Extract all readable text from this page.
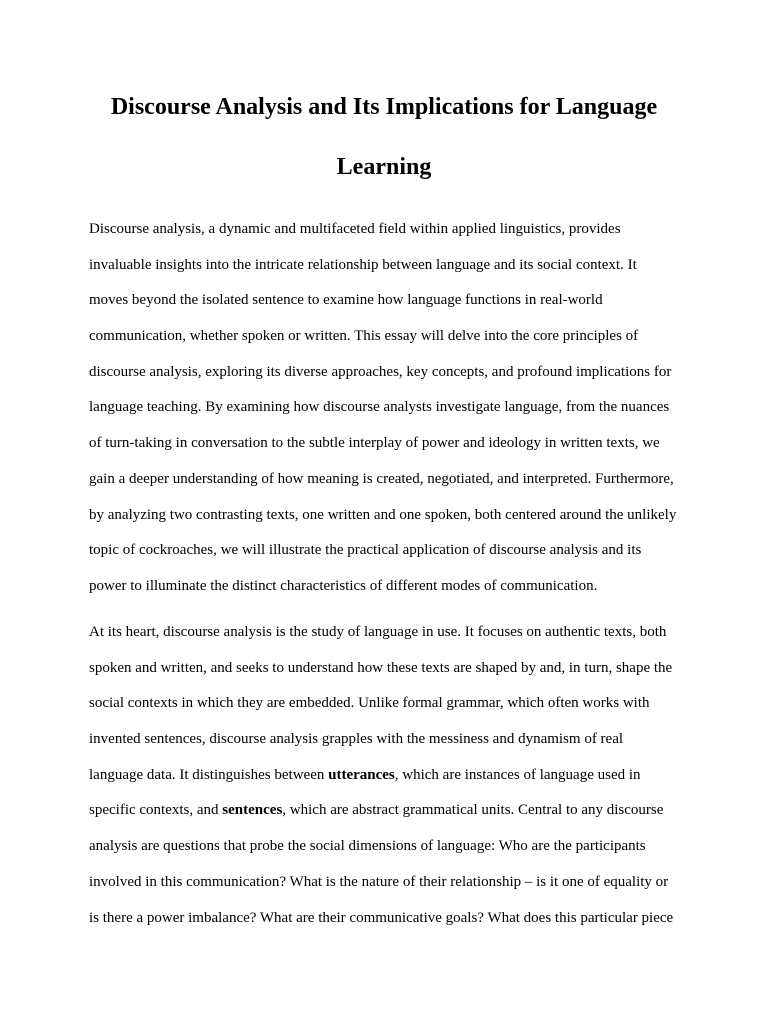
Discourse Analysis and Its Implications for Language
Learning

Discourse analysis, a dynamic and multifaceted field within applied linguistics, provides
invaluable insights into the intricate relationship between language and its social context. It
moves beyond the isolated sentence to examine how language functions in real-world
communication, whether spoken or written. This essay will delve into the core principles of
discourse analysis, exploring its diverse approaches, key concepts, and profound implications for
language teaching. By examining how discourse analysts investigate language, from the nuances
of turn-taking in conversation to the subtle interplay of power and ideology in written texts, we
gain a deeper understanding of how meaning is created, negotiated, and interpreted. Furthermore,
by analyzing two contrasting texts, one written and one spoken, both centered around the unlikely
topic of cockroaches, we will illustrate the practical application of discourse analysis and its
power to illuminate the distinct characteristics of different modes of communication.

At its heart, discourse analysis is the study of language in use. It focuses on authentic texts, both
spoken and written, and seeks to understand how these texts are shaped by and, in turn, shape the
social contexts in which they are embedded. Unlike formal grammar, which often works with
invented sentences, discourse analysis grapples with the messiness and dynamism of real
language data. It distinguishes between utterances, which are instances of language used in
specific contexts, and sentences, which are abstract grammatical units. Central to any discourse
analysis are questions that probe the social dimensions of language: Who are the participants
involved in this communication? What is the nature of their relationship – is it one of equality or
is there a power imbalance? What are their communicative goals? What does this particular piece
